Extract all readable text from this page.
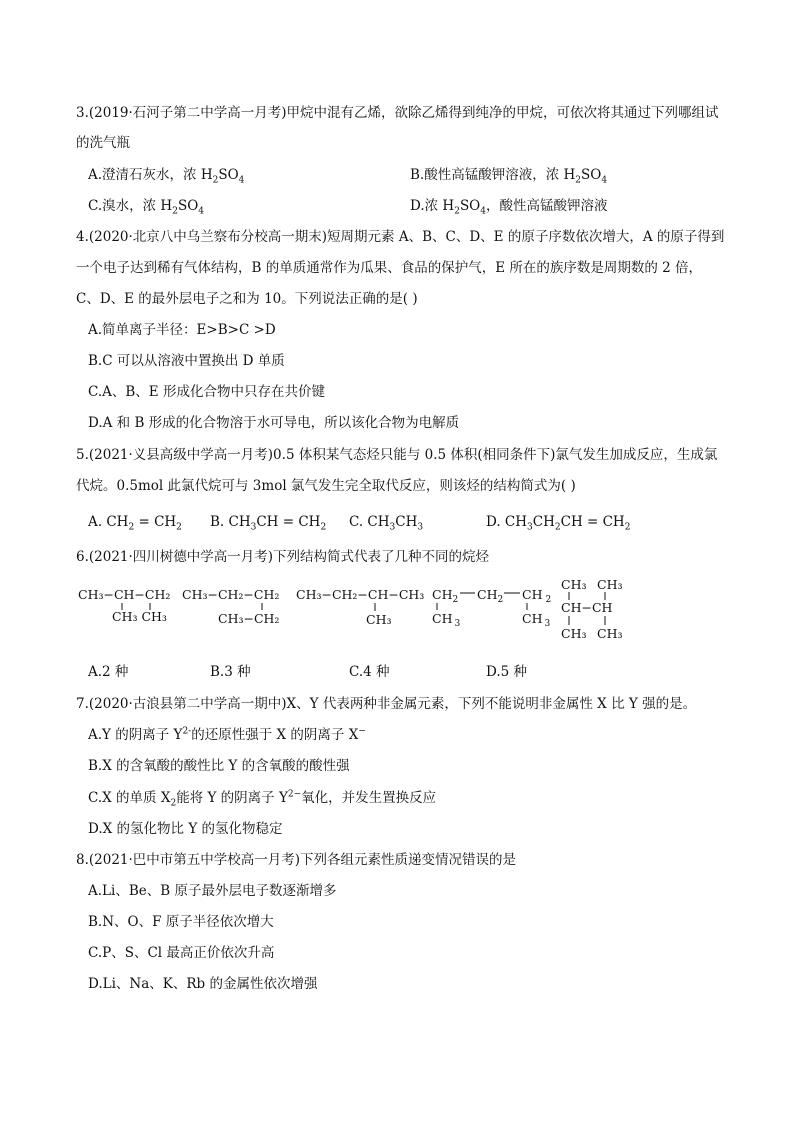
3.(2019·石河子第二中学高一月考)甲烷中混有乙烯，欲除乙烯得到纯净的甲烷，可依次将其通过下列哪组试
的洗气瓶
A.澄清石灰水，浓 $H_2SO_4$	B.酸性高锰酸钾溶液，浓 $H_2SO_4$
C.溴水，浓 $H_2SO_4$	D.浓 $H_2SO_4$，酸性高锰酸钾溶液
4.(2020·北京八中乌兰察布分校高一期末)短周期元素 A、B、C、D、E 的原子序数依次增大，A 的原子得到
一个电子达到稀有气体结构，B 的单质通常作为瓜果、食品的保护气，E 所在的族序数是周期数的 2 倍，
C、D、E 的最外层电子之和为 10。下列说法正确的是( )
A.简单离子半径：E>B>C >D
B.C 可以从溶液中置换出 D 单质
C.A、B、E 形成化合物中只存在共价键
D.A 和 B 形成的化合物溶于水可导电，所以该化合物为电解质
5.(2021·义县高级中学高一月考)0.5 体积某气态烃只能与 0.5 体积(相同条件下)氯气发生加成反应，生成氯
代烷。0.5mol 此氯代烷可与 3mol 氯气发生完全取代反应，则该烃的结构简式为( )
A. $CH_2 = CH_2$ B. $CH_3CH = CH_2$ C. $CH_3CH_3$	D. $CH_3CH_2CH = CH_2$
6.(2021·四川树德中学高一月考)下列结构简式代表了几种不同的烷烃
CH₃−CH−CH₂
CH₃ CH₃
CH₃−CH₂−CH₂
CH₃−CH₂
CH₃−CH₂−CH−CH₃
CH₃
$CH_2$ $CH_2$ CH $_2$
CH $_3$	CH $_3$
CH₃ CH₃
CH−CH
CH₃ CH₃
A.2 种	B.3 种	C.4 种	D.5 种
7.(2020·古浪县第二中学高一期中)X、Y 代表两种非金属元素，下列不能说明非金属性 X 比 Y 强的是。
A.Y 的阴离子 $Y^{2-}$的还原性强于 X 的阴离子 X−
B.X 的含氧酸的酸性比 Y 的含氧酸的酸性强
C.X 的单质 $X_2$能将 Y 的阴离子 $Y^{2-}$氧化，并发生置换反应
D.X 的氢化物比 Y 的氢化物稳定
8.(2021·巴中市第五中学校高一月考)下列各组元素性质递变情况错误的是
A.Li、Be、B 原子最外层电子数逐渐增多
B.N、O、F 原子半径依次增大
C.P、S、Cl 最高正价依次升高
D.Li、Na、K、Rb 的金属性依次增强
